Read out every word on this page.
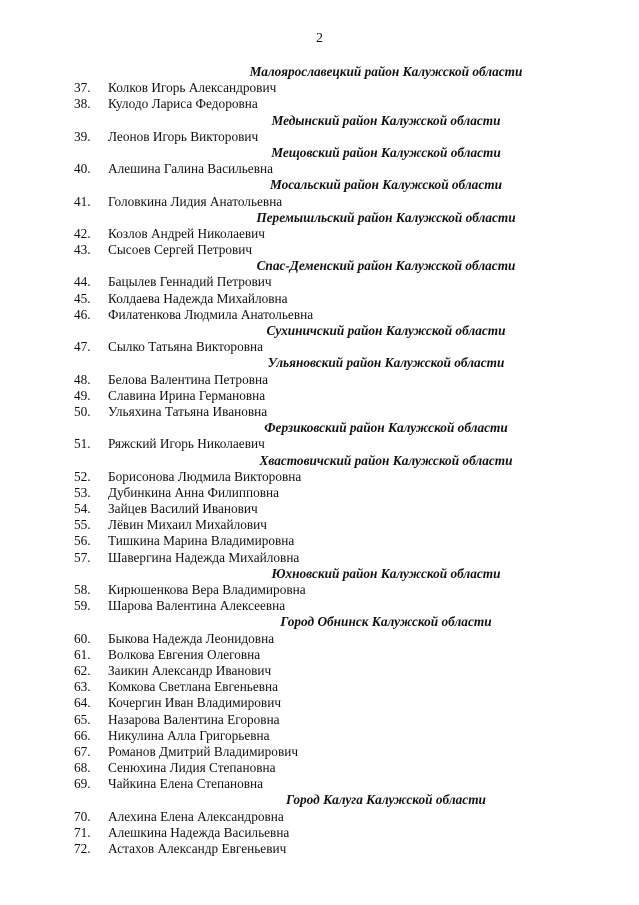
2
Малоярославецкий район Калужской области
37.	Колков Игорь Александрович
38.	Кулодо Лариса Федоровна
Медынский район Калужской области
39.	Леонов Игорь Викторович
Мещовский район Калужской области
40.	Алешина Галина Васильевна
Мосальский район Калужской области
41.	Головкина Лидия Анатольевна
Перемышльский район Калужской области
42.	Козлов Андрей Николаевич
43.	Сысоев Сергей Петрович
Спас-Деменский район Калужской области
44.	Бацылев Геннадий Петрович
45.	Колдаева Надежда Михайловна
46.	Филатенкова Людмила Анатольевна
Сухиничский район Калужской области
47.	Сылко Татьяна Викторовна
Ульяновский район Калужской области
48.	Белова Валентина Петровна
49.	Славина Ирина Германовна
50.	Ульяхина Татьяна Ивановна
Ферзиковский район Калужской области
51.	Ряжский Игорь Николаевич
Хвастовичский район Калужской области
52.	Борисонова Людмила Викторовна
53.	Дубинкина Анна Филипповна
54.	Зайцев Василий Иванович
55.	Лёвин Михаил Михайлович
56.	Тишкина Марина Владимировна
57.	Шавергина Надежда Михайловна
Юхновский район Калужской области
58.	Кирюшенкова Вера Владимировна
59.	Шарова Валентина Алексеевна
Город Обнинск Калужской области
60.	Быкова Надежда Леонидовна
61.	Волкова Евгения Олеговна
62.	Заикин Александр Иванович
63.	Комкова Светлана Евгеньевна
64.	Кочергин Иван Владимирович
65.	Назарова Валентина Егоровна
66.	Никулина Алла Григорьевна
67.	Романов Дмитрий Владимирович
68.	Сенюхина Лидия Степановна
69.	Чайкина Елена Степановна
Город Калуга Калужской области
70.	Алехина Елена Александровна
71.	Алешкина Надежда Васильевна
72.	Астахов Александр Евгеньевич
